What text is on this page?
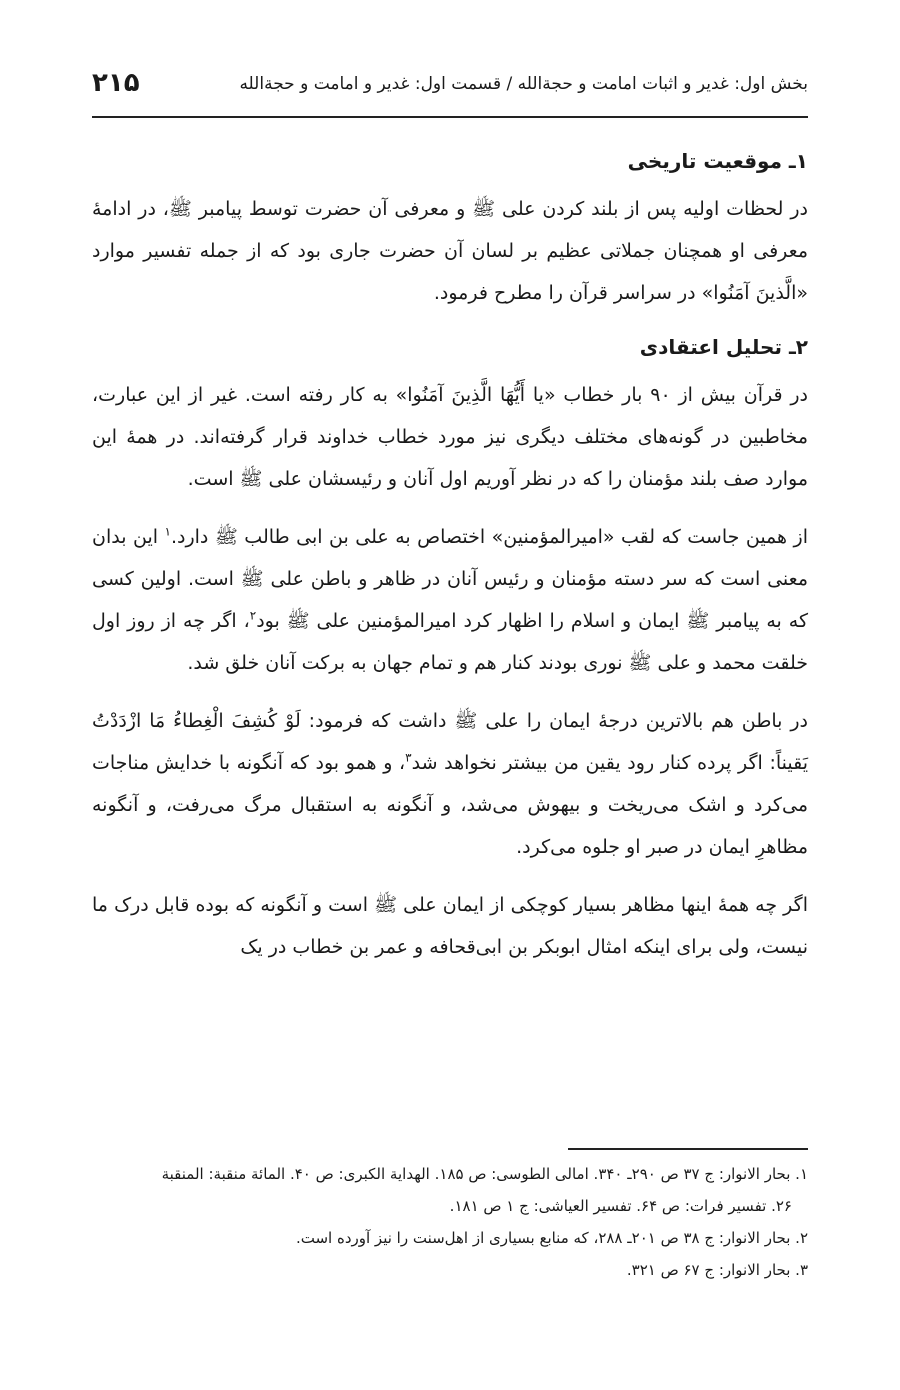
بخش اول: غدیر و اثبات امامت و حجةالله / قسمت اول: غدیر و امامت و حجةالله
۲۱۵
۱ـ موقعیت تاریخی

در لحظات اولیه پس از بلند کردن علی ﷺ و معرفی آن حضرت توسط پیامبر ﷺ، در ادامهٔ معرفی او همچنان جملاتی عظیم بر لسان آن حضرت جاری بود که از جمله تفسیر موارد «الَّذینَ آمَنُوا» در سراسر قرآن را مطرح فرمود.

۲ـ تحلیل اعتقادی

در قرآن بیش از ۹۰ بار خطاب «یا أَیُّهَا الَّذِینَ آمَنُوا» به کار رفته است. غیر از این عبارت، مخاطبین در گونه‌های مختلف دیگری نیز مورد خطاب خداوند قرار گرفته‌اند. در همهٔ این موارد صف بلند مؤمنان را که در نظر آوریم اول آنان و رئیسشان علی ﷺ است.

از همین جاست که لقب «امیرالمؤمنین» اختصاص به علی بن ابی طالب ﷺ دارد.$^۱$ این بدان معنی است که سر دسته مؤمنان و رئیس آنان در ظاهر و باطن علی ﷺ است. اولین کسی که به پیامبر ﷺ ایمان و اسلام را اظهار کرد امیرالمؤمنین علی ﷺ بود$^۲$، اگر چه از روز اول خلقت محمد و علی ﷺ نوری بودند کنار هم و تمام جهان به برکت آنان خلق شد.

در باطن هم بالاترین درجهٔ ایمان را علی ﷺ داشت که فرمود: لَوْ کُشِفَ الْغِطاءُ مَا ازْدَدْتُ یَقیناً: اگر پرده کنار رود یقین من بیشتر نخواهد شد$^۳$، و همو بود که آنگونه با خدایش مناجات می‌کرد و اشک می‌ریخت و بیهوش می‌شد، و آنگونه به استقبال مرگ می‌رفت، و آنگونه مظاهرِ ایمان در صبر او جلوه می‌کرد.

اگر چه همهٔ اینها مظاهر بسیار کوچکی از ایمان علی ﷺ است و آنگونه که بوده قابل درک ما نیست، ولی برای اینکه امثال ابوبکر بن ابی‌قحافه و عمر بن خطاب در یک

۱. بحار الانوار: ج ۳۷ ص ۲۹۰ـ ۳۴۰. امالی الطوسی: ص ۱۸۵. الهدایة الکبری: ص ۴۰. المائة منقبة: المنقبة
۲۶. تفسیر فرات: ص ۶۴. تفسیر العیاشی: ج ۱ ص ۱۸۱.
۲. بحار الانوار: ج ۳۸ ص ۲۰۱ـ ۲۸۸، که منابع بسیاری از اهل‌سنت را نیز آورده است.
۳. بحار الانوار: ج ۶۷ ص ۳۲۱.
